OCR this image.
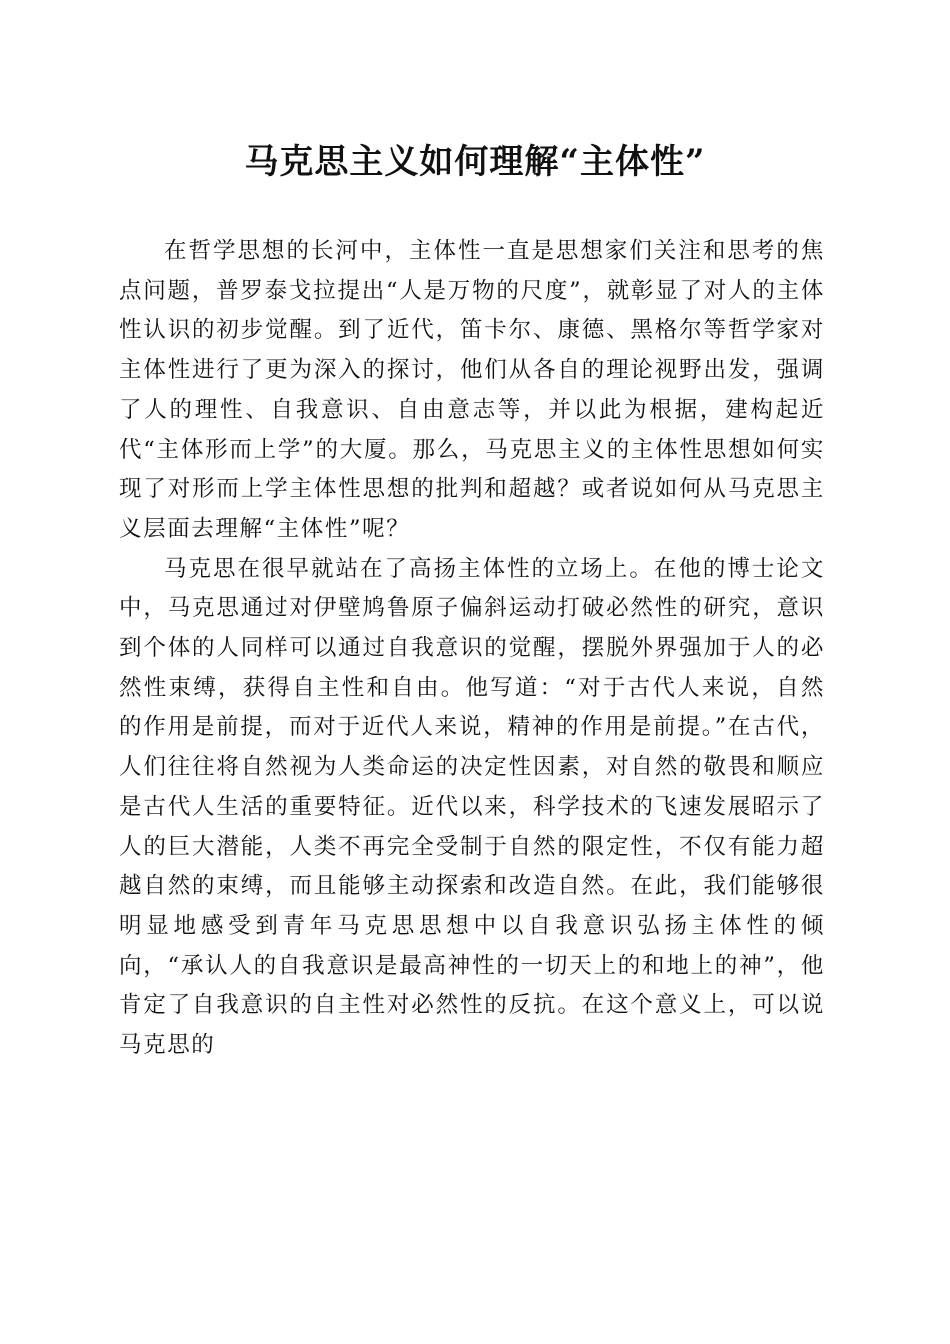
马克思主义如何理解“主体性”

在哲学思想的长河中，主体性一直是思想家们关注和思考的焦点问题，普罗泰戈拉提出“人是万物的尺度”，就彰显了对人的主体性认识的初步觉醒。到了近代，笛卡尔、康德、黑格尔等哲学家对主体性进行了更为深入的探讨，他们从各自的理论视野出发，强调了人的理性、自我意识、自由意志等，并以此为根据，建构起近代“主体形而上学”的大厦。那么，马克思主义的主体性思想如何实现了对形而上学主体性思想的批判和超越？或者说如何从马克思主义层面去理解“主体性”呢？

马克思在很早就站在了高扬主体性的立场上。在他的博士论文中，马克思通过对伊壁鸠鲁原子偏斜运动打破必然性的研究，意识到个体的人同样可以通过自我意识的觉醒，摆脱外界强加于人的必然性束缚，获得自主性和自由。他写道：“对于古代人来说，自然的作用是前提，而对于近代人来说，精神的作用是前提。”在古代，人们往往将自然视为人类命运的决定性因素，对自然的敬畏和顺应是古代人生活的重要特征。近代以来，科学技术的飞速发展昭示了人的巨大潜能，人类不再完全受制于自然的限定性，不仅有能力超越自然的束缚，而且能够主动探索和改造自然。在此，我们能够很明显地感受到青年马克思思想中以自我意识弘扬主体性的倾向，“承认人的自我意识是最高神性的一切天上的和地上的神”，他肯定了自我意识的自主性对必然性的反抗。在这个意义上，可以说马克思的
